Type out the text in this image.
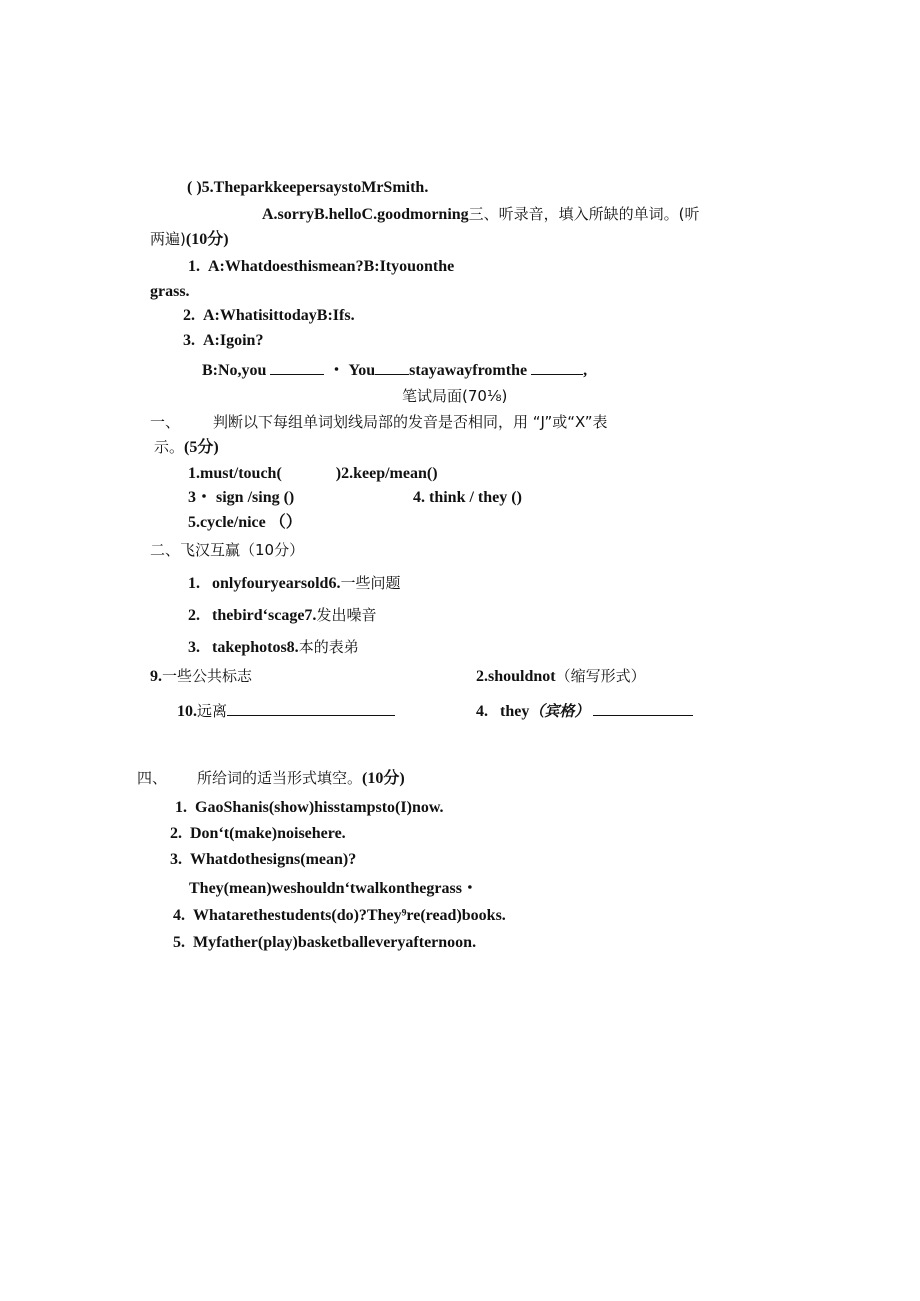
( )5.TheparkkeepersaystoMrSmith.
A.sorryB.helloC.goodmorning三、听录音，填入所缺的单词。(听
两遍)(10分)
1. A:Whatdoesthismean?B:Ityouonthe
grass.
2. A:WhatisittodayB:Ifs.
3. A:Igoin?
B:No,you	・ You stayawayfromthe	,
笔试局面(70⅛)
一、 判断以下每组单词划线局部的发音是否相同，用 “J”或“X”表
示。(5分)
1.must/touch(	)2.keep/mean()
3・ sign /sing ()	4. think / they ()
5.cycle/nice （）
二、飞汉互赢（10分）
1. onlyfouryearsold6.一些问题
2. thebird‘scage7.发出噪音
3. takephotos8.本的表弟
9.一些公共标志	2.shouldnot（缩写形式）
10.远离	4. they（宾格）
四、 所给词的适当形式填空。(10分)
1. GaoShanis(show)hisstampsto(I)now.
2. Don‘t(make)noisehere.
3. Whatdothesigns(mean)?
They(mean)weshouldn‘twalkonthegrass・
4. Whatarethestudents(do)?They⁹re(read)books.
5. Myfather(play)basketballeveryafternoon.
